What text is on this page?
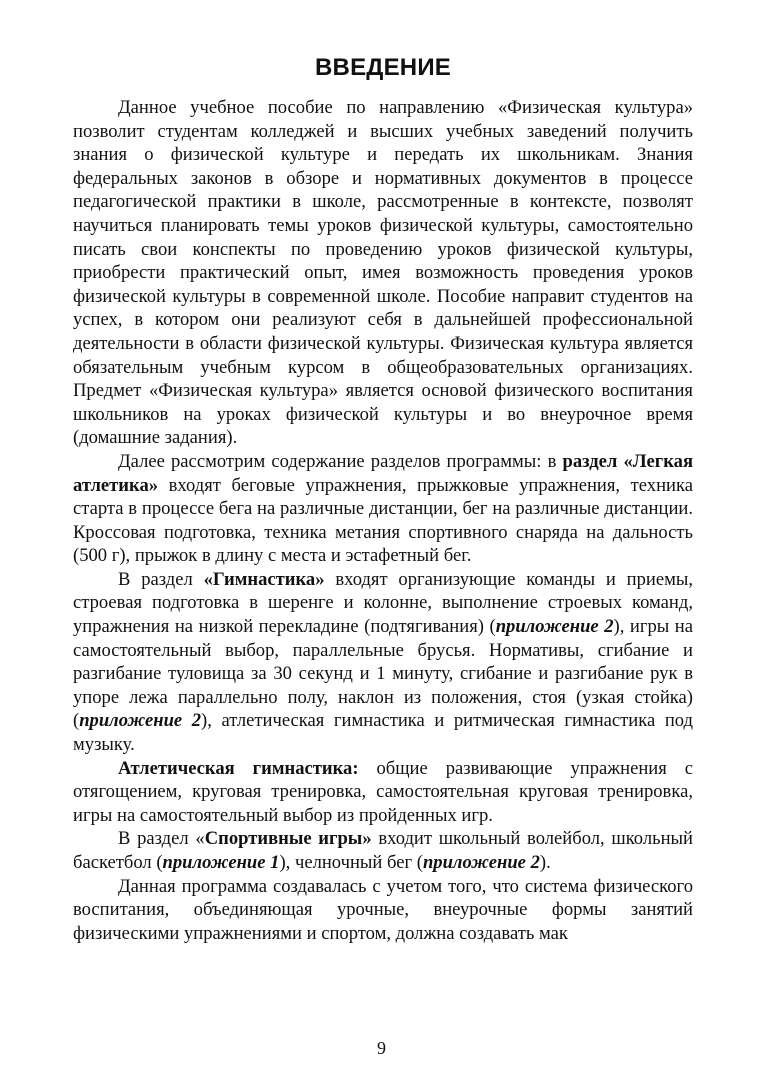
ВВЕДЕНИЕ

Данное учебное пособие по направлению «Физическая культура» позволит студентам колледжей и высших учебных заведений получить знания о физической культуре и передать их школьникам. Знания федеральных законов в обзоре и нормативных документов в процессе педагогической практики в школе, рассмотренные в контексте, позволят научиться планировать темы уроков физической культуры, самостоятельно писать свои конспекты по проведению уроков физической культуры, приобрести практический опыт, имея возможность проведения уроков физической культуры в современной школе. Пособие направит студентов на успех, в котором они реализуют себя в дальнейшей профессиональной деятельности в области физической культуры. Физическая культура является обязательным учебным курсом в общеобразовательных организациях. Предмет «Физическая культура» является основой физического воспитания школьников на уроках физической культуры и во внеурочное время (домашние задания).

Далее рассмотрим содержание разделов программы: в раздел «Легкая атлетика» входят беговые упражнения, прыжковые упражнения, техника старта в процессе бега на различные дистанции, бег на различные дистанции. Кроссовая подготовка, техника метания спортивного снаряда на дальность (500 г), прыжок в длину с места и эстафетный бег.

В раздел «Гимнастика» входят организующие команды и приемы, строевая подготовка в шеренге и колонне, выполнение строевых команд, упражнения на низкой перекладине (подтягивания) (приложение 2), игры на самостоятельный выбор, параллельные брусья. Нормативы, сгибание и разгибание туловища за 30 секунд и 1 минуту, сгибание и разгибание рук в упоре лежа параллельно полу, наклон из положения, стоя (узкая стойка) (приложение 2), атлетическая гимнастика и ритмическая гимнастика под музыку.

Атлетическая гимнастика: общие развивающие упражнения с отягощением, круговая тренировка, самостоятельная круговая тренировка, игры на самостоятельный выбор из пройденных игр.

В раздел «Спортивные игры» входит школьный волейбол, школьный баскетбол (приложение 1), челночный бег (приложение 2).

Данная программа создавалась с учетом того, что система физического воспитания, объединяющая урочные, внеурочные формы занятий физическими упражнениями и спортом, должна создавать мак

9
